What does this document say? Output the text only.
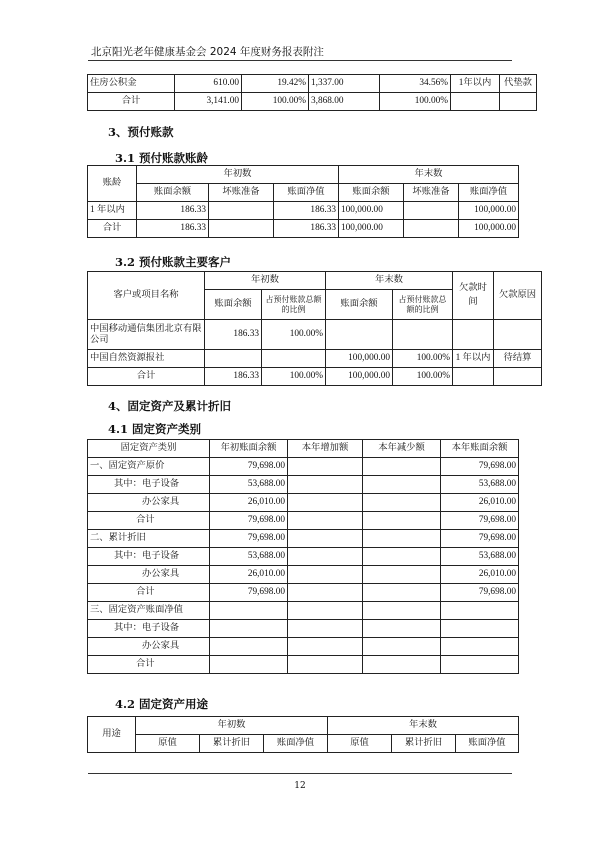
北京阳光老年健康基金会 2024 年度财务报表附注
住房公积金	610.00	19.42%	1,337.00	34.56%	1年以内	代垫款
合计	3,141.00	100.00%	3,868.00	100.00%		
3、预付账款
3.1 预付账款账龄
账龄	年初数			年末数		
	账面余额	坏账准备	账面净值	账面余额	坏账准备	账面净值
1 年以内	186.33		186.33	100,000.00		100,000.00
合计	186.33		186.33	100,000.00		100,000.00
3.2 预付账款主要客户
客户或项目名称	年初数		年末数		欠款时间	欠款原因
	账面余额	占预付账款总额的比例	账面余额	占预付账款总额的比例		
中国移动通信集团北京有限公司	186.33	100.00%				
中国自然资源报社			100,000.00	100.00%	1 年以内	待结算
合计	186.33	100.00%	100,000.00	100.00%		
4、固定资产及累计折旧
4.1 固定资产类别
固定资产类别	年初账面余额	本年增加额	本年减少额	本年账面余额
一、固定资产原价	79,698.00			79,698.00
其中：电子设备	53,688.00			53,688.00
办公家具	26,010.00			26,010.00
合计	79,698.00			79,698.00
二、累计折旧	79,698.00			79,698.00
其中：电子设备	53,688.00			53,688.00
办公家具	26,010.00			26,010.00
合计	79,698.00			79,698.00
三、固定资产账面净值				
其中：电子设备				
办公家具				
合计				
4.2 固定资产用途
用途	年初数			年末数		
	原值	累计折旧	账面净值	原值	累计折旧	账面净值
12
